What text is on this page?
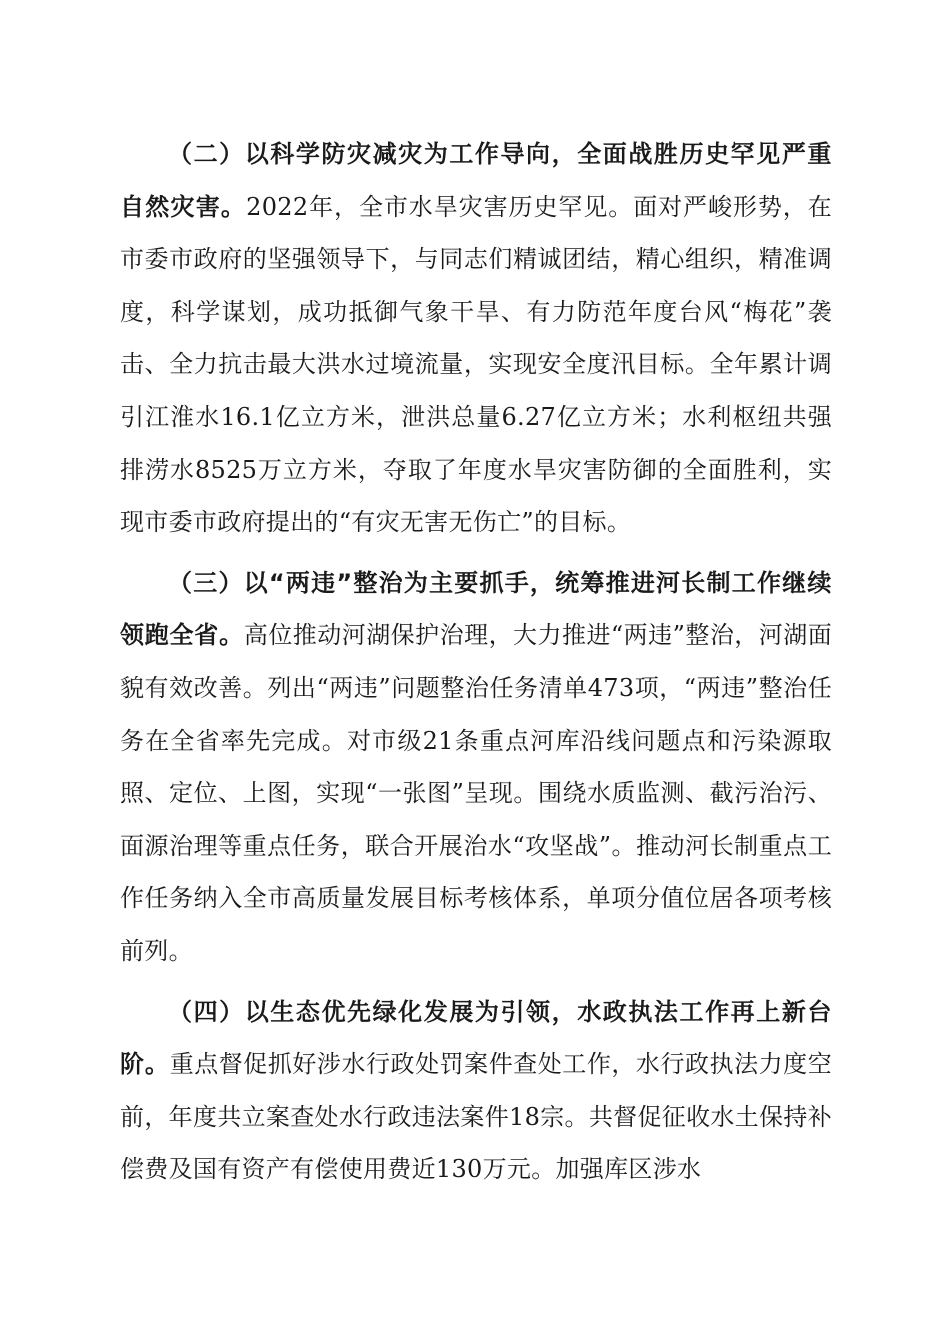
（二）以科学防灾减灾为工作导向，全面战胜历史罕见严重自然灾害。2022年，全市水旱灾害历史罕见。面对严峻形势，在市委市政府的坚强领导下，与同志们精诚团结，精心组织，精准调度，科学谋划，成功抵御气象干旱、有力防范年度台风“梅花”袭击、全力抗击最大洪水过境流量，实现安全度汛目标。全年累计调引江淮水16.1亿立方米，泄洪总量6.27亿立方米；水利枢纽共强排涝水8525万立方米，夺取了年度水旱灾害防御的全面胜利，实现市委市政府提出的“有灾无害无伤亡”的目标。

（三）以“两违”整治为主要抓手，统筹推进河长制工作继续领跑全省。高位推动河湖保护治理，大力推进“两违”整治，河湖面貌有效改善。列出“两违”问题整治任务清单473项，“两违”整治任务在全省率先完成。对市级21条重点河库沿线问题点和污染源取照、定位、上图，实现“一张图”呈现。围绕水质监测、截污治污、面源治理等重点任务，联合开展治水“攻坚战”。推动河长制重点工作任务纳入全市高质量发展目标考核体系，单项分值位居各项考核前列。

（四）以生态优先绿化发展为引领，水政执法工作再上新台阶。重点督促抓好涉水行政处罚案件查处工作，水行政执法力度空前，年度共立案查处水行政违法案件18宗。共督促征收水土保持补偿费及国有资产有偿使用费近130万元。加强库区涉水
